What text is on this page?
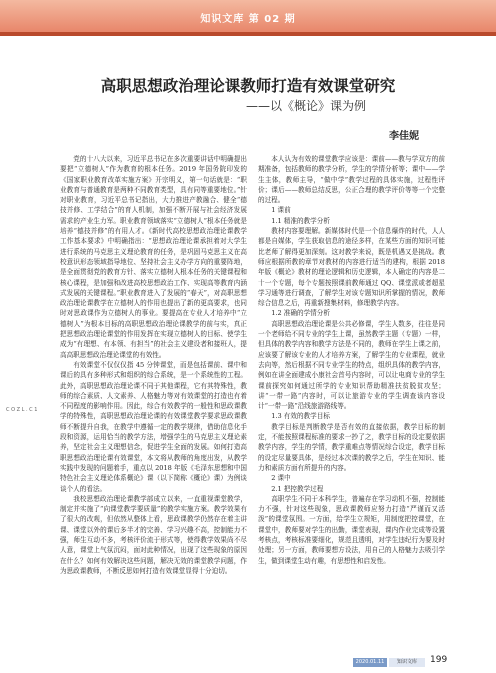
知识文库 第 02 期
高职思想政治理论课教师打造有效课堂研究
——以《概论》课为例
李佳妮

党的十八大以来，习近平总书记在多次重要讲话中明确提出要把“立德树人”作为教育的根本任务。2019 年国务院印发的《国家职业教育改革实施方案》开宗明义，第一句话就是：“职业教育与普通教育是两种不同教育类型，具有同等重要地位。”针对职业教育，习近平总书记指出，大力推进产教融合、健全“德技并修、工学结合”的育人机制，加强不断开展与社会经济发展需求的产业生力军。职业教育领域落实“立德树人”根本任务就是培养“德技并修”的有用人才。《新时代高校思想政治理论课教学工作基本要求》中明确指出：“思想政治理论课承担着对大学生进行系统的马克思主义理论教育的任务，是巩固马克思主义在高校意识形态领域指导地位、坚持社会主义办学方向的重要阵地，是全面贯彻党的教育方针、落实立德树人根本任务的关键课程和核心课程，是加强和改进高校思想政治工作、实现高等教育内涵式发展的关键课程。”职业教育进入了发展的“春天”，对高职思想政治理论课教学在立德树人的作用也提出了新的更高要求，也同时对思政课作为立德树人的事业。要提高在专业人才培养中“立德树人”为根本目标的高职思想政治理论课教学的前与实，真正把思想政治理论课堂的作用发挥在实现立德树人的目标、使学生成为“有理想、有本领、有担当”的社会主义建设者和接班人，提高高职思想政治理论课堂的有效性。

有效课堂不仅仅仅指 45 分钟课堂，而是包括课前、课中和课后的具有多种形式和组织的综合系统，是一个系统性的工程。此外，高职思想政治理论课不同于其他课程，它有其特殊性，教师的综合素质、人文素养、人格魅力等对有效课堂的打造也有着不同程度的影响作用。因此，综合有效教学的一般性和思政课教学的特殊性，高职思想政治理论课的有效课堂教学要求思政课教师不断提升自我，在教学中遵循一定的教学规律，借助信息化手段和资源，运用恰当的教学方法，增强学生的马克思主义理论素养，坚定社会主义理想信念，促进学生全面的发展。如何打造高职思想政治理论课有效课堂，本文将从教师的角度出发，从教学实践中发现的问题着手，重点以 2018 年版《毛泽东思想和中国特色社会主义理论体系概论》课（以下简称《概论》课）为例谈谈个人的看法。

我校思想政治理论课教学部成立以来，一直重视课堂教学，制定并实施了“向课堂教学要质量”的教学实施方案。教学效果有了很大的改观，但依然从整体上看，思政课教学仍然存在着主讲课、课堂以外的课后多半才的完善、学习兴趣不高，控制能力不强，师生互动不多，考核评价流于形式等，使得教学效果尚不尽人意，课堂上气氛沉闷，面对此种情况，出现了这些现象的原因在什么？如何有效解决这些问题，解决无效的课堂教学问题，作为思政课教师，不断反思如何打造有效课堂显得十分迫切。

本人认为有效的课堂教学应该是：课前——教与学双方的前期准备，包括教师的教学分析，学生的学情分析等；课中——学生主体，教师主导，“做中学”教学过程的具体实施，过程性评价；课后——教师总结反思，公正合理的教学评价等等一个完整的过程。

1 课前
1.1 精准的教学分析

教材内容要理解。新媒体时代是一个信息爆炸的时代，人人都是自媒体，学生获取信息的途径多样，在某些方面的知识可能比老师了解得更加深刻。这对教学来说，既是机遇又是挑战。教师应根据所教的章节对教材的内容进行适当的建构，根据 2018 年版《概论》教材的理论逻辑和历史逻辑，本人确定的内容是二十一个专题，每个专题按照课前教师通过 QQ、课堂派或者超星学习通等进行调查，了解学生对该专题知识所掌握的情况，教师综合信息之后，再重新搜集材料，修理教学内容。

1.2 准确的学情分析

高职思想政治理论课是公共必修课，学生人数多，往往是同一个老师给不同专业的学生上课，虽然教学主题（专题）一样，但具体的教学内容和教学方法是不同的，教师在学生上课之前，应该要了解该专业的人才培养方案，了解学生的专业课程，就业去向等，然后根据不同专业学生的特点，组织具体的教学内容，例如在讲全面建成小康社会首号内容时，可以让电商专业的学生课前探究如何通过所学的专业知识帮助精准扶贫脱贫攻坚；讲“一带一路”内容时，可以让旅游专业的学生调查该内容设计“一带一路”沿线旅游路线等。

1.3 有效的教学目标

教学目标是判断教学是否有效的直接依据，教学目标的制定，不能按照课程标准的要求一抄了之，教学目标的设定要依据教学内容，学生的学情，教学重难点等情况综合设定，教学目标的设定尽量要具体，是经过本次课的教学之后，学生在知识、能力和素质方面有所提升的内容。

2 课中
2.1 把控教学过程

高职学生不同于本科学生，普遍存在学习动机不强，控制能力不强，针对这些现象，思政课教师应努力打造“严谨而又活泼”的课堂氛围。一方面，给学生立规矩，用制度把控课堂，在课堂中，教师要对学生的出勤，课堂表现，课内作业完成等设置考核点，考核标准要细化，规范且透明，对学生违纪行为要及时处理；另一方面，教师要想方设法，用自己的人格魅力去吸引学生，做到课堂生动有趣，有思想性和启发性。

C O Z L . C 1
2020.01.11	知识文库	199
